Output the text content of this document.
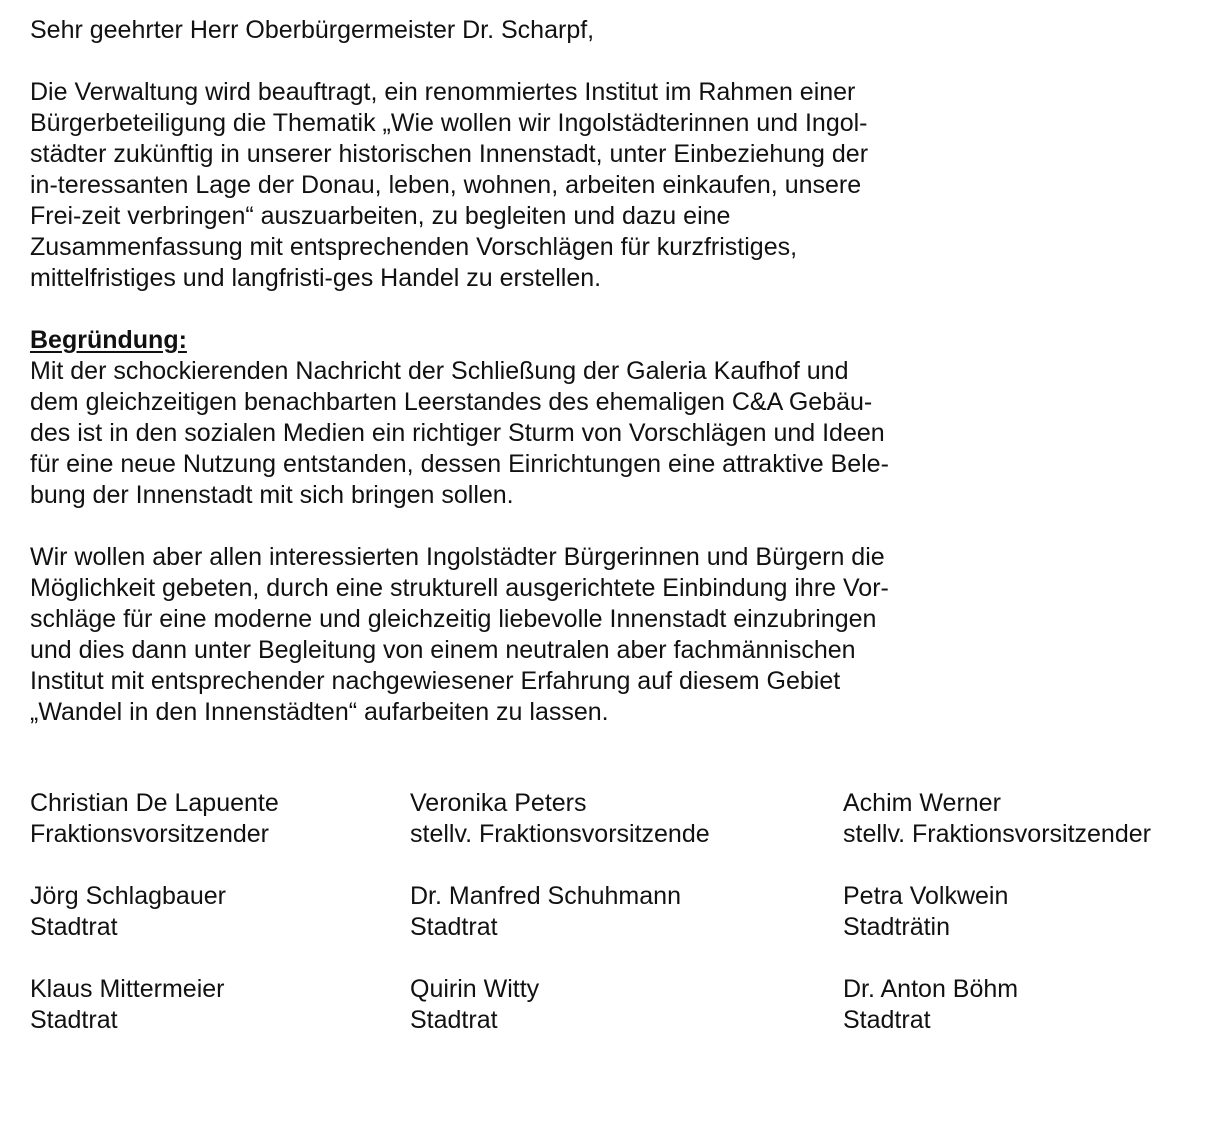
Sehr geehrter Herr Oberbürgermeister Dr. Scharpf,
Die Verwaltung wird beauftragt, ein renommiertes Institut im Rahmen einer
Bürgerbeteiligung die Thematik „Wie wollen wir Ingolstädterinnen und Ingol-
städter zukünftig in unserer historischen Innenstadt, unter Einbeziehung der
in-teressanten Lage der Donau, leben, wohnen, arbeiten einkaufen, unsere
Frei-zeit verbringen“ auszuarbeiten, zu begleiten und dazu eine
Zusammenfassung mit entsprechenden Vorschlägen für kurzfristiges,
mittelfristiges und langfristi-ges Handel zu erstellen.
Begründung:
Mit der schockierenden Nachricht der Schließung der Galeria Kaufhof und
dem gleichzeitigen benachbarten Leerstandes des ehemaligen C&A Gebäu-
des ist in den sozialen Medien ein richtiger Sturm von Vorschlägen und Ideen
für eine neue Nutzung entstanden, dessen Einrichtungen eine attraktive Bele-
bung der Innenstadt mit sich bringen sollen.
Wir wollen aber allen interessierten Ingolstädter Bürgerinnen und Bürgern die
Möglichkeit gebeten, durch eine strukturell ausgerichtete Einbindung ihre Vor-
schläge für eine moderne und gleichzeitig liebevolle Innenstadt einzubringen
und dies dann unter Begleitung von einem neutralen aber fachmännischen
Institut mit entsprechender nachgewiesener Erfahrung auf diesem Gebiet
„Wandel in den Innenstädten“ aufarbeiten zu lassen.
Christian De Lapuente
Fraktionsvorsitzender
Veronika Peters
stellv. Fraktionsvorsitzende
Achim Werner
stellv. Fraktionsvorsitzender
Jörg Schlagbauer
Stadtrat
Dr. Manfred Schuhmann
Stadtrat
Petra Volkwein
Stadträtin
Klaus Mittermeier
Stadtrat
Quirin Witty
Stadtrat
Dr. Anton Böhm
Stadtrat
